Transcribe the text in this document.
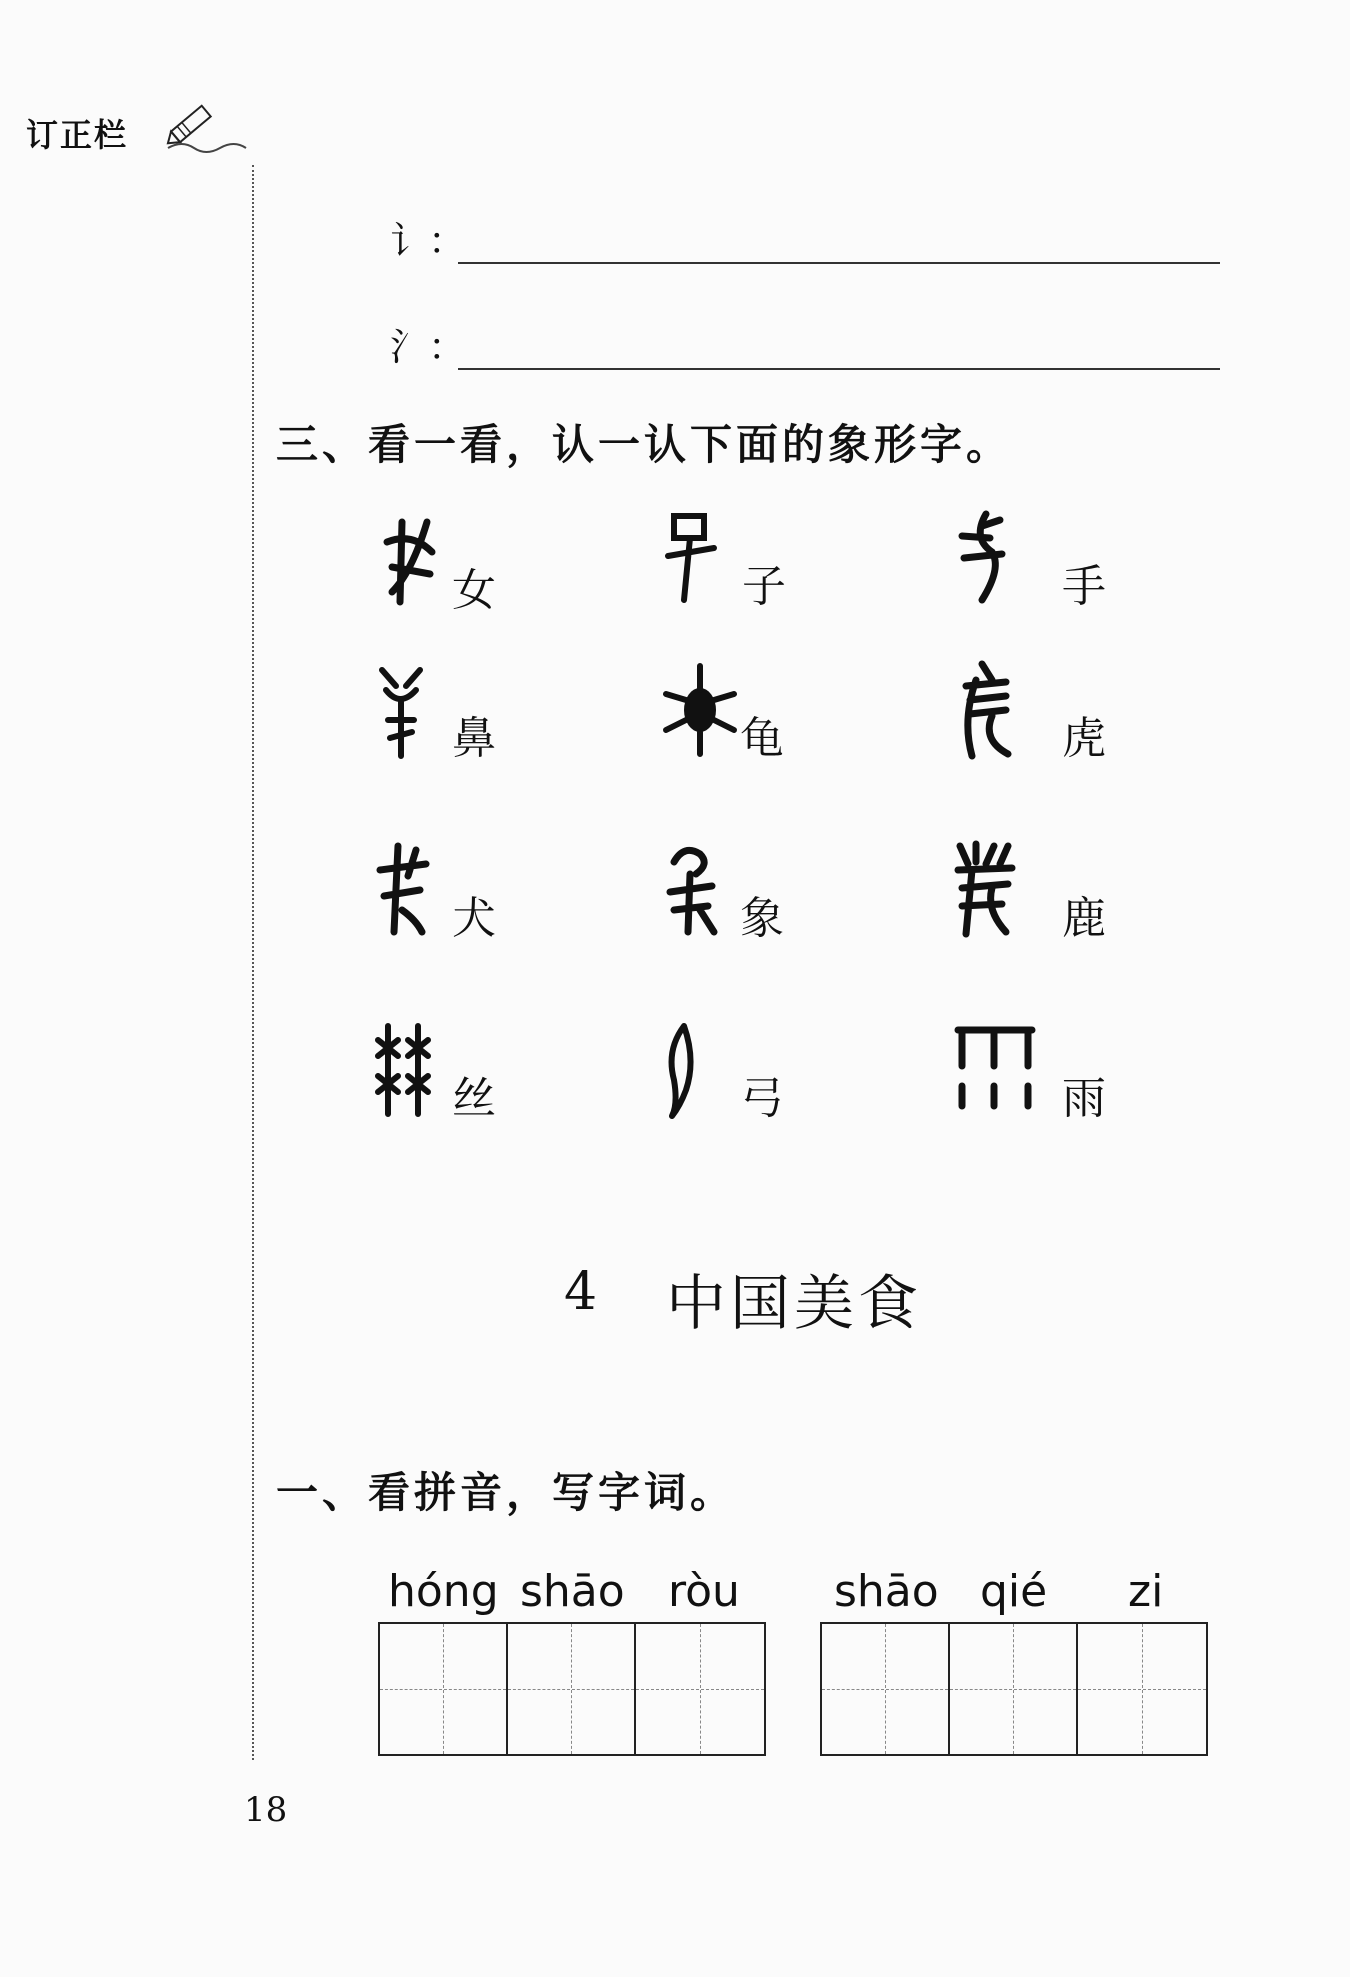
订正栏
讠：
氵：
三、看一看，认一认下面的象形字。
女	子	手
鼻	龟	虎
犬	象	鹿
丝	弓	雨
4 中国美食
一、看拼音，写字词。
hóng shāo ròu shāo qié zi
18
